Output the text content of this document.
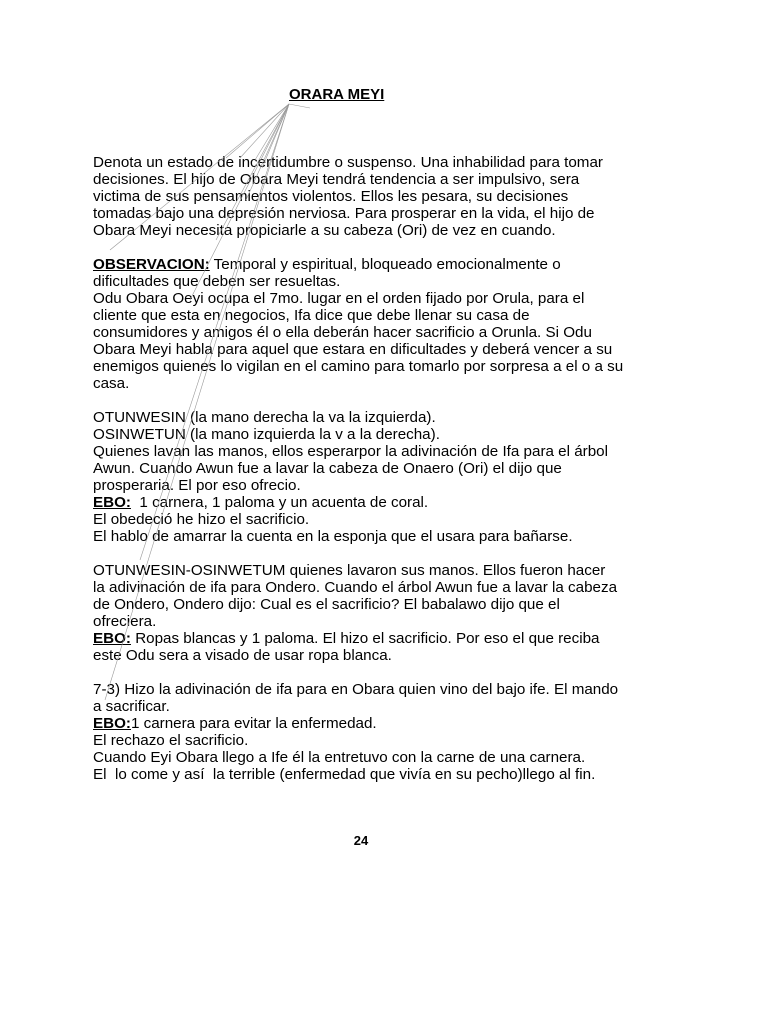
ORARA MEYI
Denota un estado de incertidumbre o suspenso. Una inhabilidad para tomar
decisiones. El hijo de Obara Meyi tendrá tendencia a ser impulsivo, sera
victima de sus pensamientos violentos. Ellos les pesara, su decisiones
tomadas bajo una depresión nerviosa. Para prosperar en la vida, el hijo de
Obara Meyi necesita propiciarle a su cabeza (Ori) de vez en cuando.
OBSERVACION: Temporal y espiritual, bloqueado emocionalmente o
dificultades que deben ser resueltas.
Odu Obara Oeyi ocupa el 7mo. lugar en el orden fijado por Orula, para el
cliente que esta en negocios, Ifa dice que debe llenar su casa de
consumidores y amigos él o ella deberán hacer sacrificio a Orunla. Si Odu
Obara Meyi habla para aquel que estara en dificultades y deberá vencer a su
enemigos quienes lo vigilan en el camino para tomarlo por sorpresa a el o a su
casa.
OTUNWESIN (la mano derecha la va la izquierda).
OSINWETUN (la mano izquierda la v a la derecha).
Quienes lavan las manos, ellos esperarpor la adivinación de Ifa para el árbol
Awun. Cuando Awun fue a lavar la cabeza de Onaero (Ori) el dijo que
prosperaria. El por eso ofrecio.
EBO:  1 carnera, 1 paloma y un acuenta de coral.
El obedeció he hizo el sacrificio.
El hablo de amarrar la cuenta en la esponja que el usara para bañarse.
OTUNWESIN-OSINWETUM quienes lavaron sus manos. Ellos fueron hacer
la adivinación de ifa para Ondero. Cuando el árbol Awun fue a lavar la cabeza
de Ondero, Ondero dijo: Cual es el sacrificio? El babalawo dijo que el
ofreciera.
EBO: Ropas blancas y 1 paloma. El hizo el sacrificio. Por eso el que reciba
este Odu sera a visado de usar ropa blanca.
7-3) Hizo la adivinación de ifa para en Obara quien vino del bajo ife. El mando
a sacrificar.
EBO:1 carnera para evitar la enfermedad.
El rechazo el sacrificio.
Cuando Eyi Obara llego a Ife él la entretuvo con la carne de una carnera.
El  lo come y así  la terrible (enfermedad que vivía en su pecho)llego al fin.
24
